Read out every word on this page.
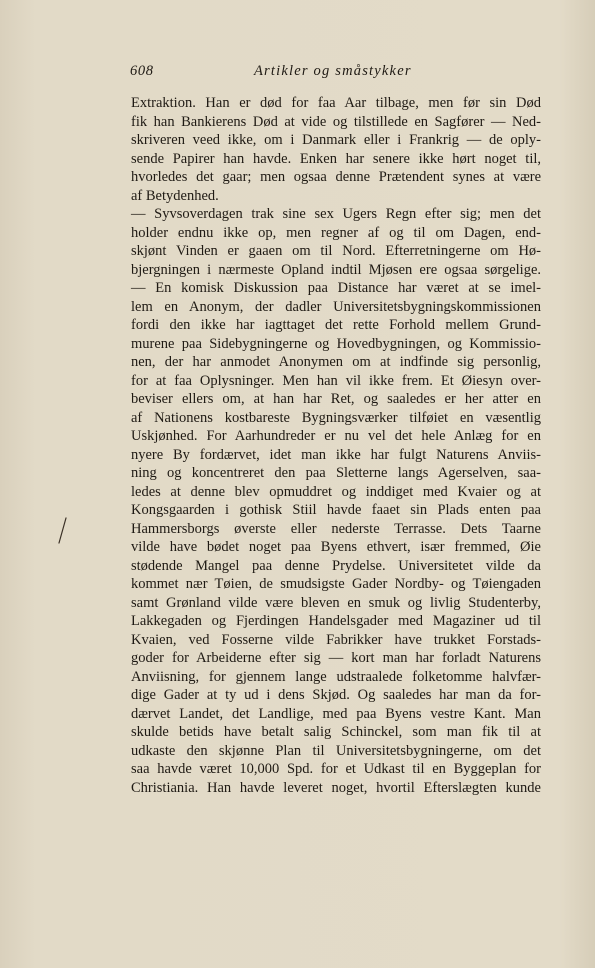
608	Artikler og småstykker
Extraktion. Han er død for faa Aar tilbage, men før sin Død
fik han Bankierens Død at vide og tilstillede en Sagfører — Ned-
skriveren veed ikke, om i Danmark eller i Frankrig — de oply-
sende Papirer han havde. Enken har senere ikke hørt noget til,
hvorledes det gaar; men ogsaa denne Prætendent synes at være
af Betydenhed.
— Syvsoverdagen trak sine sex Ugers Regn efter sig; men det
holder endnu ikke op, men regner af og til om Dagen, end-
skjønt Vinden er gaaen om til Nord. Efterretningerne om Hø-
bjergningen i nærmeste Opland indtil Mjøsen ere ogsaa sørgelige.
— En komisk Diskussion paa Distance har været at se imel-
lem en Anonym, der dadler Universitetsbygningskommissionen
fordi den ikke har iagttaget det rette Forhold mellem Grund-
murene paa Sidebygningerne og Hovedbygningen, og Kommissio-
nen, der har anmodet Anonymen om at indfinde sig personlig,
for at faa Oplysninger. Men han vil ikke frem. Et Øiesyn over-
beviser ellers om, at han har Ret, og saaledes er her atter en
af Nationens kostbareste Bygningsværker tilføiet en væsentlig
Uskjønhed. For Aarhundreder er nu vel det hele Anlæg for en
nyere By fordærvet, idet man ikke har fulgt Naturens Anviis-
ning og koncentreret den paa Sletterne langs Agerselven, saa-
ledes at denne blev opmuddret og inddiget med Kvaier og at
Kongsgaarden i gothisk Stiil havde faaet sin Plads enten paa
Hammersborgs øverste eller nederste Terrasse. Dets Taarne
vilde have bødet noget paa Byens ethvert, især fremmed, Øie
stødende Mangel paa denne Prydelse. Universitetet vilde da
kommet nær Tøien, de smudsigste Gader Nordby- og Tøiengaden
samt Grønland vilde være bleven en smuk og livlig Studenterby,
Lakkegaden og Fjerdingen Handelsgader med Magaziner ud til
Kvaien, ved Fosserne vilde Fabrikker have trukket Forstads-
goder for Arbeiderne efter sig — kort man har forladt Naturens
Anviisning, for gjennem lange udstraalede folketomme halvfær-
dige Gader at ty ud i dens Skjød. Og saaledes har man da for-
dærvet Landet, det Landlige, med paa Byens vestre Kant. Man
skulde betids have betalt salig Schinckel, som man fik til at
udkaste den skjønne Plan til Universitetsbygningerne, om det
saa havde været 10,000 Spd. for et Udkast til en Byggeplan for
Christiania. Han havde leveret noget, hvortil Efterslægten kunde
